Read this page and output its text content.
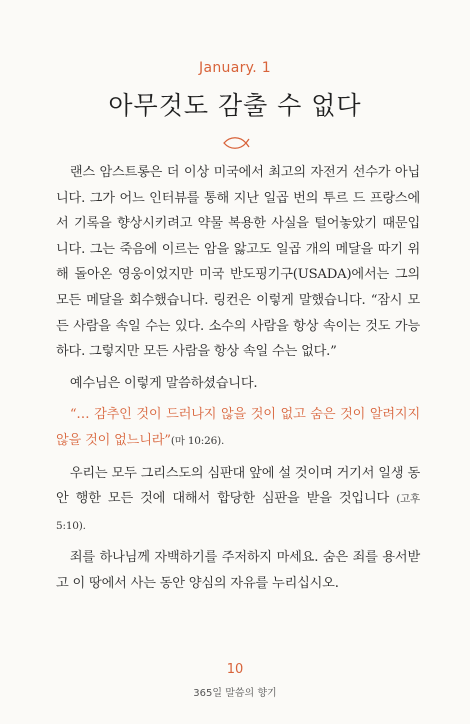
January. 1
아무것도 감출 수 없다

랜스 암스트롱은 더 이상 미국에서 최고의 자전거 선수가 아닙니다. 그가 어느 인터뷰를 통해 지난 일곱 번의 투르 드 프랑스에서 기록을 향상시키려고 약물 복용한 사실을 털어놓았기 때문입니다. 그는 죽음에 이르는 암을 앓고도 일곱 개의 메달을 따기 위해 돌아온 영웅이었지만 미국 반도핑기구(USADA)에서는 그의 모든 메달을 회수했습니다. 링컨은 이렇게 말했습니다. “잠시 모든 사람을 속일 수는 있다. 소수의 사람을 항상 속이는 것도 가능하다. 그렇지만 모든 사람을 항상 속일 수는 없다.”

예수님은 이렇게 말씀하셨습니다.

“… 감추인 것이 드러나지 않을 것이 없고 숨은 것이 알려지지 않을 것이 없느니라”(마 10:26).

우리는 모두 그리스도의 심판대 앞에 설 것이며 거기서 일생 동안 행한 모든 것에 대해서 합당한 심판을 받을 것입니다 (고후 5:10).

죄를 하나님께 자백하기를 주저하지 마세요. 숨은 죄를 용서받고 이 땅에서 사는 동안 양심의 자유를 누리십시오.

10
365일 말씀의 향기
